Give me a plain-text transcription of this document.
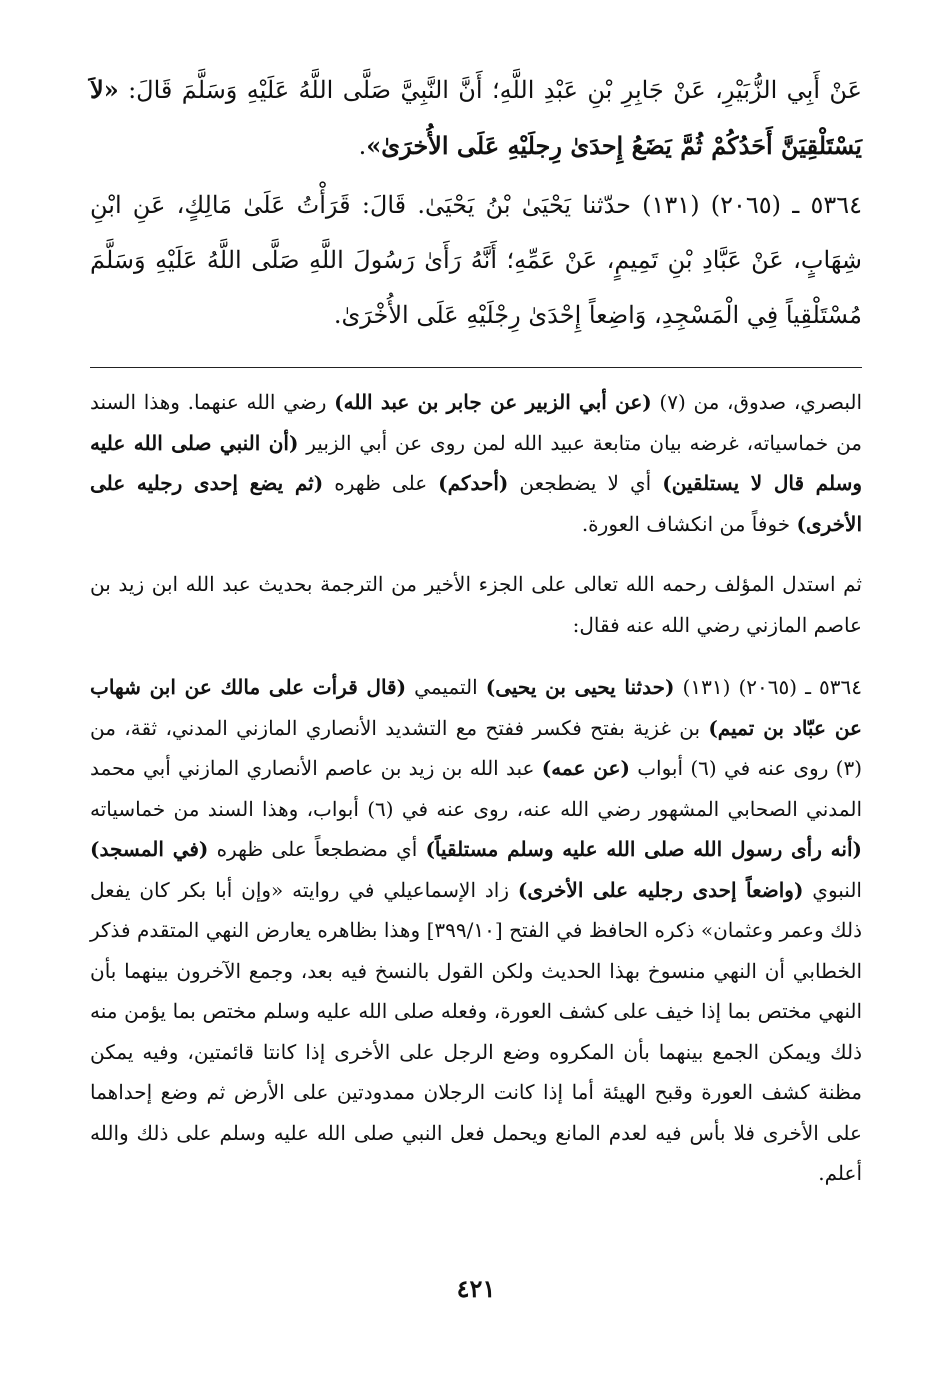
عَنْ أَبِي الزُّبَيْرِ، عَنْ جَابِرِ بْنِ عَبْدِ اللَّهِ؛ أَنَّ النَّبِيَّ صَلَّى اللَّهُ عَلَيْهِ وَسَلَّمَ قَالَ: «لاَ يَسْتَلْقِيَنَّ أَحَدُكُمْ ثُمَّ يَضَعُ إِحدَىٰ رِجلَيْهِ عَلَى الأُخرَىٰ».

٥٣٦٤ ـ (٢٠٦٥) (١٣١) حدّثنا يَحْيَىٰ بْنُ يَحْيَىٰ. قَالَ: قَرَأْتُ عَلَىٰ مَالِكٍ، عَنِ ابْنِ شِهَابٍ، عَنْ عَبَّادِ بْنِ تَمِيمٍ، عَنْ عَمِّهِ؛ أَنَّهُ رَأَىٰ رَسُولَ اللَّهِ صَلَّى اللَّهُ عَلَيْهِ وَسَلَّمَ مُسْتَلْقِياً فِي الْمَسْجِدِ، وَاضِعاً إِحْدَىٰ رِجْلَيْهِ عَلَى الأُخْرَىٰ.

البصري، صدوق، من (٧) (عن أبي الزبير عن جابر بن عبد الله) رضي الله عنهما. وهذا السند من خماسياته، غرضه بيان متابعة عبيد الله لمن روى عن أبي الزبير (أن النبي صلى الله عليه وسلم قال لا يستلقين) أي لا يضطجعن (أحدكم) على ظهره (ثم يضع إحدى رجليه على الأخرى) خوفاً من انكشاف العورة.

ثم استدل المؤلف رحمه الله تعالى على الجزء الأخير من الترجمة بحديث عبد الله ابن زيد بن عاصم المازني رضي الله عنه فقال:

٥٣٦٤ ـ (٢٠٦٥) (١٣١) (حدثنا يحيى بن يحيى) التميمي (قال قرأت على مالك عن ابن شهاب عن عبّاد بن تميم) بن غزية بفتح فكسر ففتح مع التشديد الأنصاري المازني المدني، ثقة، من (٣) روى عنه في (٦) أبواب (عن عمه) عبد الله بن زيد بن عاصم الأنصاري المازني أبي محمد المدني الصحابي المشهور رضي الله عنه، روى عنه في (٦) أبواب، وهذا السند من خماسياته (أنه رأى رسول الله صلى الله عليه وسلم مستلقياً) أي مضطجعاً على ظهره (في المسجد) النبوي (واضعاً إحدى رجليه على الأخرى) زاد الإسماعيلي في روايته «وإن أبا بكر كان يفعل ذلك وعمر وعثمان» ذكره الحافظ في الفتح [٣٩٩/١٠] وهذا بظاهره يعارض النهي المتقدم فذكر الخطابي أن النهي منسوخ بهذا الحديث ولكن القول بالنسخ فيه بعد، وجمع الآخرون بينهما بأن النهي مختص بما إذا خيف على كشف العورة، وفعله صلى الله عليه وسلم مختص بما يؤمن منه ذلك ويمكن الجمع بينهما بأن المكروه وضع الرجل على الأخرى إذا كانتا قائمتين، وفيه يمكن مظنة كشف العورة وقبح الهيئة أما إذا كانت الرجلان ممدودتين على الأرض ثم وضع إحداهما على الأخرى فلا بأس فيه لعدم المانع ويحمل فعل النبي صلى الله عليه وسلم على ذلك والله أعلم.

٤٢١
